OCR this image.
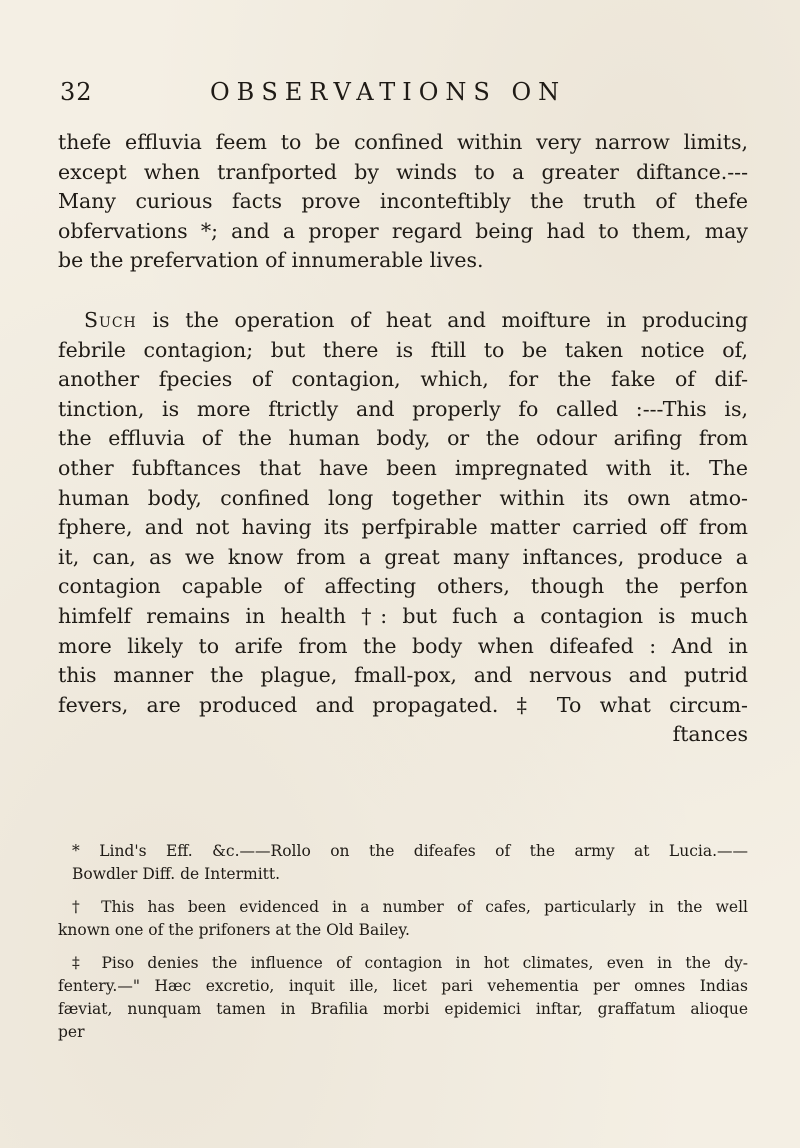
32	OBSERVATIONS ON
thefe effluvia feem to be confined within very narrow limits,
except when tranfported by winds to a greater diftance.---
Many curious facts prove inconteftibly the truth of thefe
obfervations *; and a proper regard being had to them, may
be the prefervation of innumerable lives.
Such is the operation of heat and moifture in producing
febrile contagion; but there is ftill to be taken notice of,
another fpecies of contagion, which, for the fake of dif-
tinction, is more ftrictly and properly fo called :---This is,
the effluvia of the human body, or the odour arifing from
other fubftances that have been impregnated with it. The
human body, confined long together within its own atmo-
fphere, and not having its perfpirable matter carried off from
it, can, as we know from a great many inftances, produce a
contagion capable of affecting others, though the perfon
himfelf remains in health †: but fuch a contagion is much
more likely to arife from the body when difeafed : And in
this manner the plague, fmall-pox, and nervous and putrid
fevers, are produced and propagated. ‡ To what circum-
ftances
* Lind's Eff. &c.——Rollo on the difeafes of the army at Lucia.——
Bowdler Diff. de Intermitt.
† This has been evidenced in a number of cafes, particularly in the well
known one of the prifoners at the Old Bailey.
‡ Piso denies the influence of contagion in hot climates, even in the dy-
fentery.—" Hæc excretio, inquit ille, licet pari vehementia per omnes Indias
fæviat, nunquam tamen in Brafilia morbi epidemici inftar, graffatum alioque
per
